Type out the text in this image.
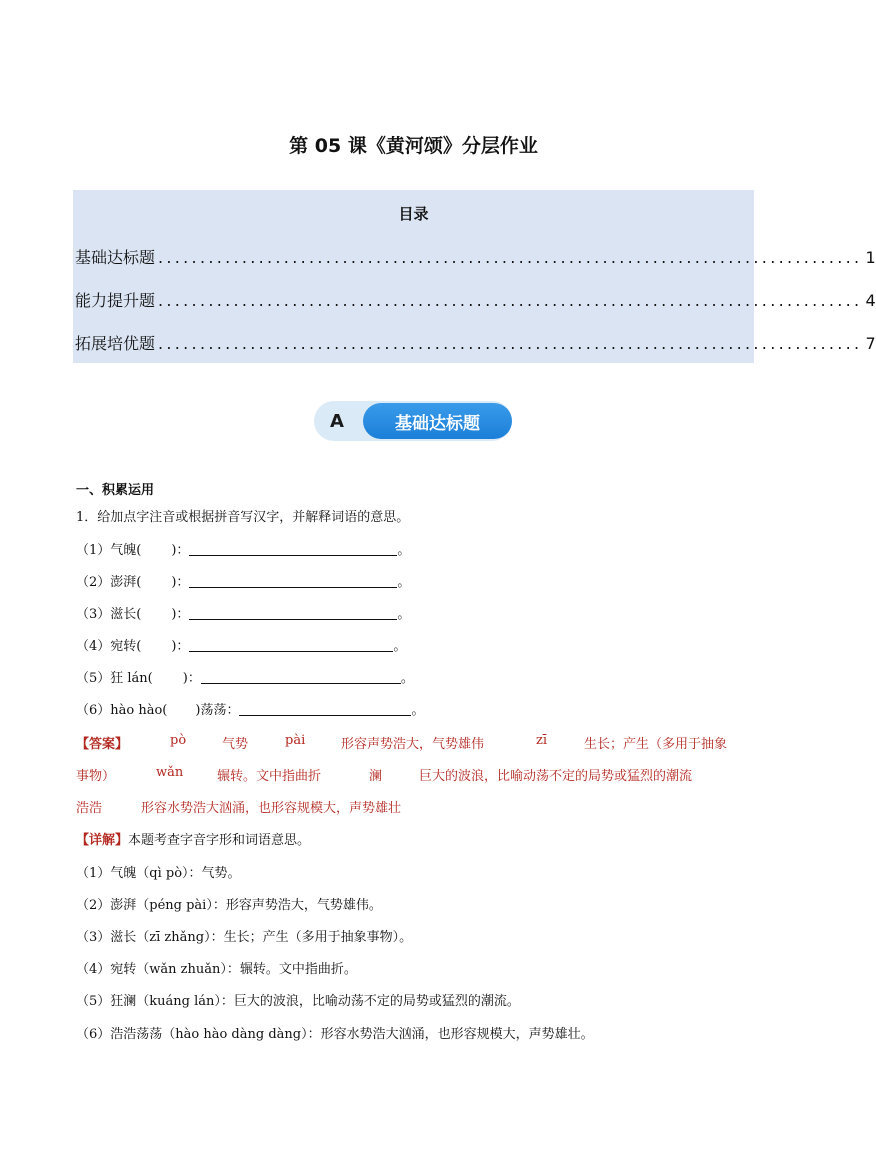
第 05 课《黄河颂》分层作业
目录
基础达标题 .................................................................................... 1
能力提升题 .................................................................................... 4
拓展培优题 .................................................................................... 7
A	基础达标题
一、积累运用
1．给加点字注音或根据拼音写汉字，并解释词语的意思。
（1）气魄( )：	。
（2）澎湃( )：	。
（3）滋长( )：	。
（4）宛转( )：	。
（5）狂 lán( )：	。
（6）hào hào( )荡荡：	。
【答案】	pò	气势	pài	形容声势浩大，气势雄伟	zī	生长；产生（多用于抽象
事物）	wǎn	辗转。文中指曲折	澜	巨大的波浪，比喻动荡不定的局势或猛烈的潮流
浩浩	形容水势浩大汹涌，也形容规模大，声势雄壮
【详解】本题考查字音字形和词语意思。
（1）气魄（qì pò）：气势。
（2）澎湃（péng pài）：形容声势浩大，气势雄伟。
（3）滋长（zī zhǎng）：生长；产生（多用于抽象事物）。
（4）宛转（wǎn zhuǎn）：辗转。文中指曲折。
（5）狂澜（kuáng lán）：巨大的波浪，比喻动荡不定的局势或猛烈的潮流。
（6）浩浩荡荡（hào hào dàng dàng）：形容水势浩大汹涌，也形容规模大，声势雄壮。
